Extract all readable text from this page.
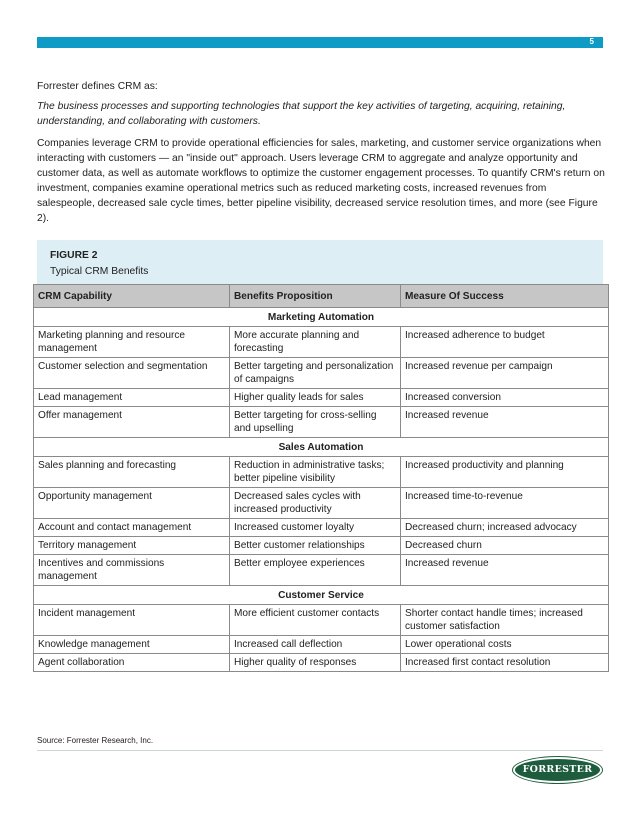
5
Forrester defines CRM as:
The business processes and supporting technologies that support the key activities of targeting, acquiring, retaining, understanding, and collaborating with customers.
Companies leverage CRM to provide operational efficiencies for sales, marketing, and customer service organizations when interacting with customers — an "inside out" approach. Users leverage CRM to aggregate and analyze opportunity and customer data, as well as automate workflows to optimize the customer engagement processes. To quantify CRM's return on investment, companies examine operational metrics such as reduced marketing costs, increased revenues from salespeople, decreased sale cycle times, better pipeline visibility, decreased service resolution times, and more (see Figure 2).
FIGURE 2
Typical CRM Benefits
CRM Capability	Benefits Proposition	Measure Of Success
Marketing Automation		
Marketing planning and resource management	More accurate planning and forecasting	Increased adherence to budget
Customer selection and segmentation	Better targeting and personalization of campaigns	Increased revenue per campaign
Lead management	Higher quality leads for sales	Increased conversion
Offer management	Better targeting for cross-selling and upselling	Increased revenue
Sales Automation		
Sales planning and forecasting	Reduction in administrative tasks; better pipeline visibility	Increased productivity and planning
Opportunity management	Decreased sales cycles with increased productivity	Increased time-to-revenue
Account and contact management	Increased customer loyalty	Decreased churn; increased advocacy
Territory management	Better customer relationships	Decreased churn
Incentives and commissions management	Better employee experiences	Increased revenue
Customer Service		
Incident management	More efficient customer contacts	Shorter contact handle times; increased customer satisfaction
Knowledge management	Increased call deflection	Lower operational costs
Agent collaboration	Higher quality of responses	Increased first contact resolution
Source: Forrester Research, Inc.
FORRESTER
